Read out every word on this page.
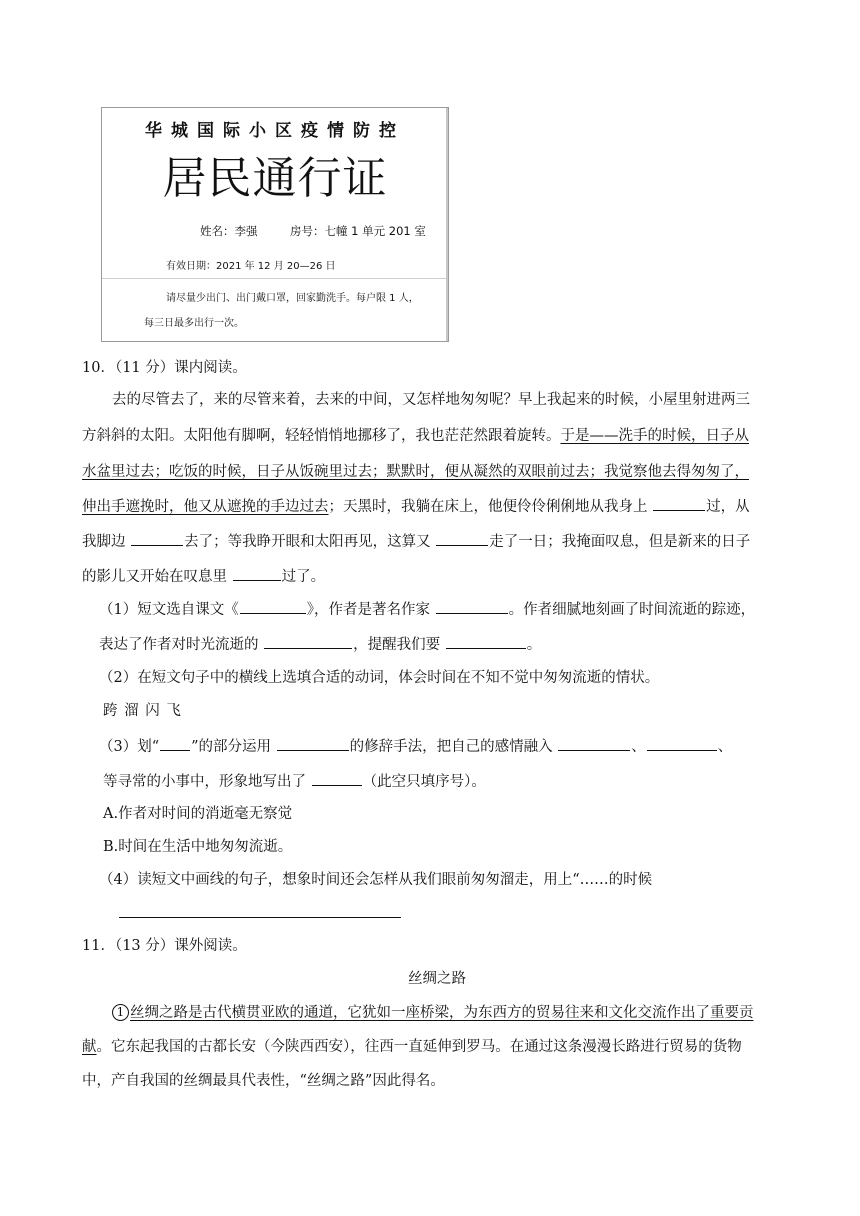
华城国际小区疫情防控
居民通行证
姓名：李强	房号：七幢 1 单元 201 室
有效日期：2021 年 12 月 20—26 日
请尽量少出门、出门戴口罩，回家勤洗手。每户限 1 人，每三日最多出行一次。
10．（11 分）课内阅读。
去的尽管去了，来的尽管来着，去来的中间，又怎样地匆匆呢？早上我起来的时候，小屋里射进两三
方斜斜的太阳。太阳他有脚啊，轻轻悄悄地挪移了，我也茫茫然跟着旋转。于是——洗手的时候，日子从
水盆里过去；吃饭的时候，日子从饭碗里过去；默默时，便从凝然的双眼前过去；我觉察他去得匆匆了，
伸出手遮挽时，他又从遮挽的手边过去；天黑时，我躺在床上，他便伶伶俐俐地从我身上	过，从
我脚边	去了；等我睁开眼和太阳再见，这算又	走了一日；我掩面叹息，但是新来的日子
的影儿又开始在叹息里	过了。
（1）短文选自课文《	》，作者是著名作家	。作者细腻地刻画了时间流逝的踪迹，
表达了作者对时光流逝的	，提醒我们要	。
（2）在短文句子中的横线上选填合适的动词，体会时间在不知不觉中匆匆流逝的情状。
跨 溜 闪 飞
（3）划“ ”的部分运用	的修辞手法，把自己的感情融入	、	、
等寻常的小事中，形象地写出了	（此空只填序号）。
A.作者对时间的消逝毫无察觉
B.时间在生活中地匆匆流逝。
（4）读短文中画线的句子，想象时间还会怎样从我们眼前匆匆溜走，用上“……的时候
11．（13 分）课外阅读。
丝绸之路
1 丝绸之路是古代横贯亚欧的通道，它犹如一座桥梁，为东西方的贸易往来和文化交流作出了重要贡
献。它东起我国的古都长安（今陕西西安），往西一直延伸到罗马。在通过这条漫漫长路进行贸易的货物
中，产自我国的丝绸最具代表性，“丝绸之路”因此得名。
